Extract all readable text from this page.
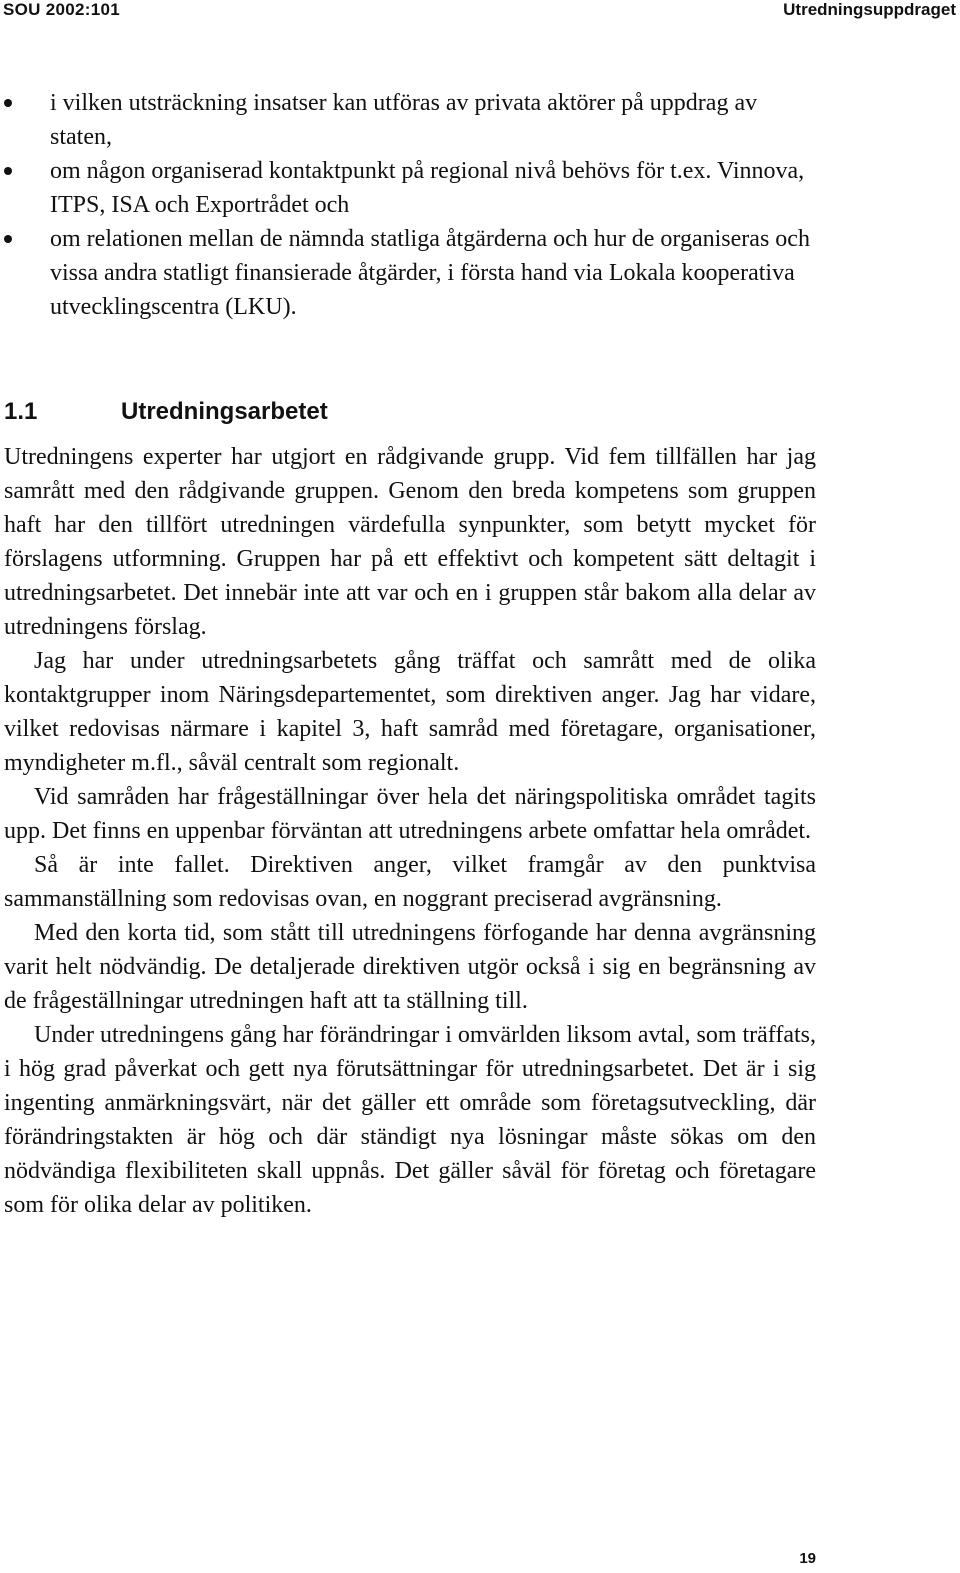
SOU 2002:101	Utredningsuppdraget
i vilken utsträckning insatser kan utföras av privata aktörer på uppdrag av staten,
om någon organiserad kontaktpunkt på regional nivå behövs för t.ex. Vinnova, ITPS, ISA och Exportrådet och
om relationen mellan de nämnda statliga åtgärderna och hur de organiseras och vissa andra statligt finansierade åtgärder, i första hand via Lokala kooperativa utvecklingscentra (LKU).
1.1	Utredningsarbetet

Utredningens experter har utgjort en rådgivande grupp. Vid fem tillfällen har jag samrått med den rådgivande gruppen. Genom den breda kompetens som gruppen haft har den tillfört utredningen värdefulla synpunkter, som betytt mycket för förslagens utformning. Gruppen har på ett effektivt och kompetent sätt deltagit i utredningsarbetet. Det innebär inte att var och en i gruppen står bakom alla delar av utredningens förslag.

Jag har under utredningsarbetets gång träffat och samrått med de olika kontaktgrupper inom Näringsdepartementet, som direktiven anger. Jag har vidare, vilket redovisas närmare i kapitel 3, haft samråd med företagare, organisationer, myndigheter m.fl., såväl centralt som regionalt.

Vid samråden har frågeställningar över hela det näringspolitiska området tagits upp. Det finns en uppenbar förväntan att utredningens arbete omfattar hela området.

Så är inte fallet. Direktiven anger, vilket framgår av den punktvisa sammanställning som redovisas ovan, en noggrant preciserad avgränsning.

Med den korta tid, som stått till utredningens förfogande har denna avgränsning varit helt nödvändig. De detaljerade direktiven utgör också i sig en begränsning av de frågeställningar utredningen haft att ta ställning till.

Under utredningens gång har förändringar i omvärlden liksom avtal, som träffats, i hög grad påverkat och gett nya förutsättningar för utredningsarbetet. Det är i sig ingenting anmärkningsvärt, när det gäller ett område som företagsutveckling, där förändringstakten är hög och där ständigt nya lösningar måste sökas om den nödvändiga flexibiliteten skall uppnås. Det gäller såväl för företag och företagare som för olika delar av politiken.

19
